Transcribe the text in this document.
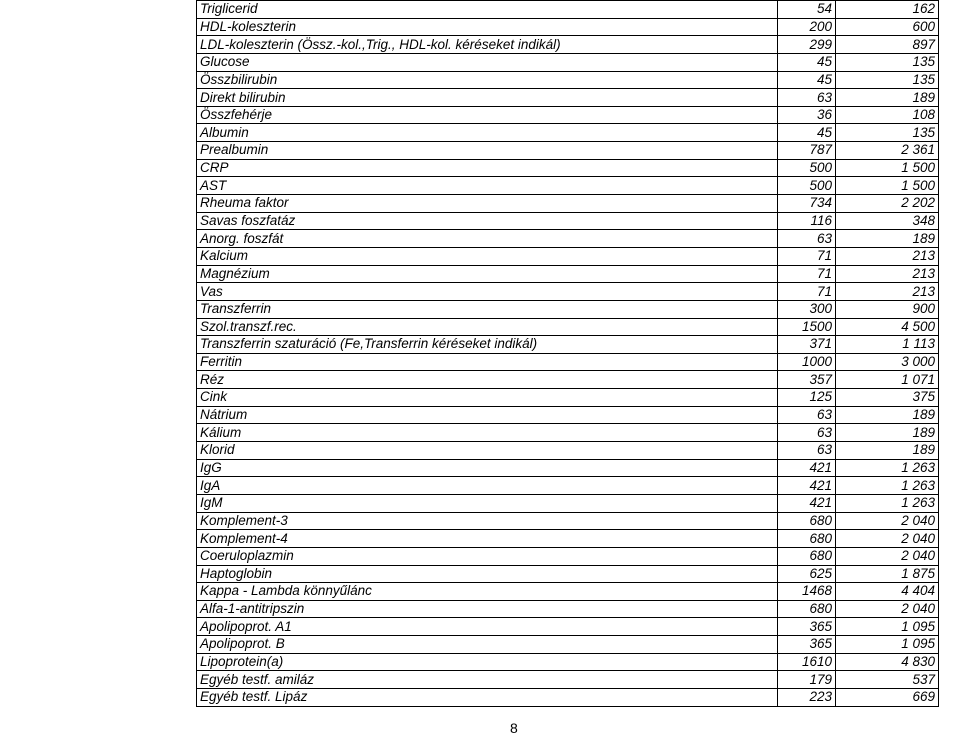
Triglicerid	54	162
HDL-koleszterin	200	600
LDL-koleszterin (Össz.-kol.,Trig., HDL-kol. kéréseket indikál)	299	897
Glucose	45	135
Összbilirubin	45	135
Direkt bilirubin	63	189
Összfehérje	36	108
Albumin	45	135
Prealbumin	787	2 361
CRP	500	1 500
AST	500	1 500
Rheuma faktor	734	2 202
Savas foszfatáz	116	348
Anorg. foszfát	63	189
Kalcium	71	213
Magnézium	71	213
Vas	71	213
Transzferrin	300	900
Szol.transzf.rec.	1500	4 500
Transzferrin szaturáció (Fe,Transferrin kéréseket indikál)	371	1 113
Ferritin	1000	3 000
Réz	357	1 071
Cink	125	375
Nátrium	63	189
Kálium	63	189
Klorid	63	189
IgG	421	1 263
IgA	421	1 263
IgM	421	1 263
Komplement-3	680	2 040
Komplement-4	680	2 040
Coeruloplazmin	680	2 040
Haptoglobin	625	1 875
Kappa - Lambda könnyűlánc	1468	4 404
Alfa-1-antitripszin	680	2 040
Apolipoprot. A1	365	1 095
Apolipoprot. B	365	1 095
Lipoprotein(a)	1610	4 830
Egyéb testf. amiláz	179	537
Egyéb testf. Lipáz	223	669
8
